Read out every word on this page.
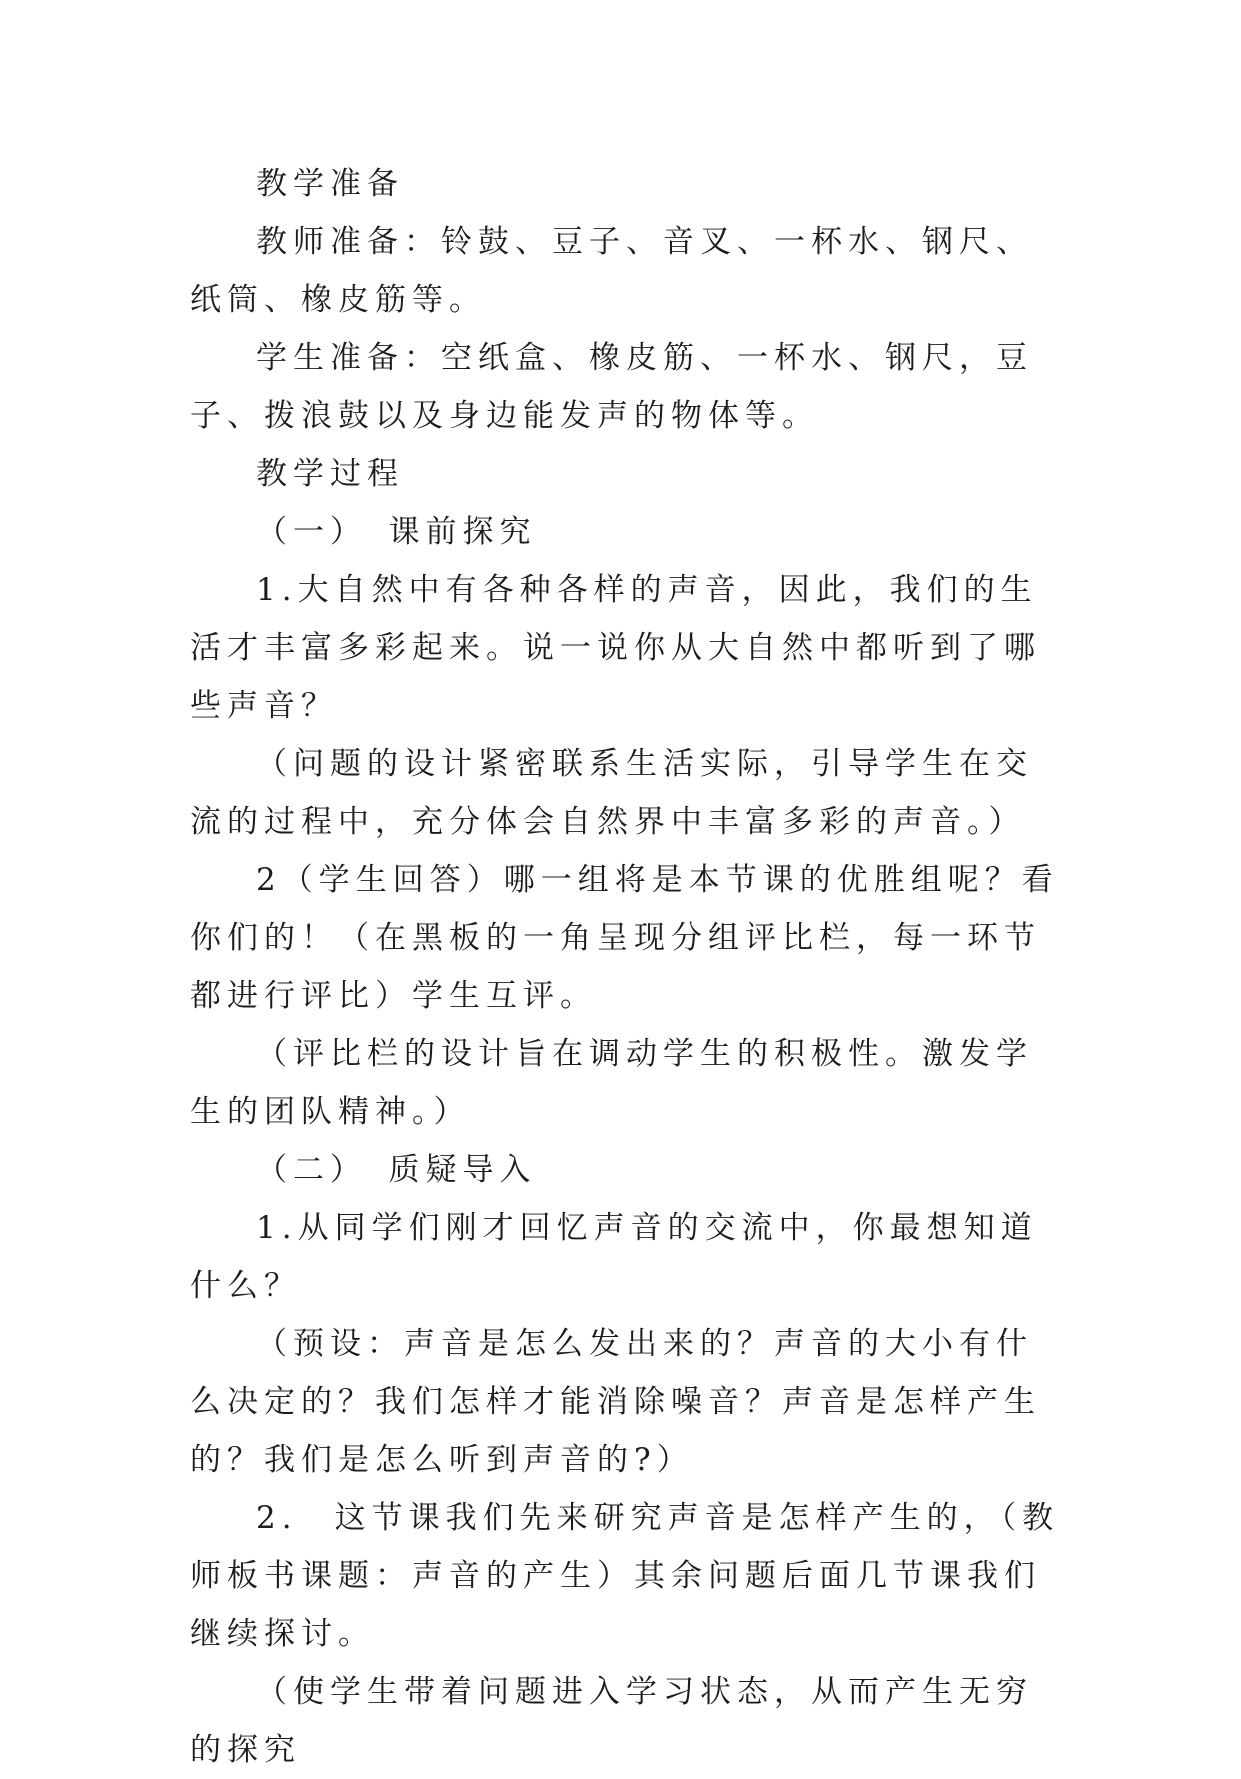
教学准备

教师准备：铃鼓、豆子、音叉、一杯水、钢尺、纸筒、橡皮筋等。

学生准备：空纸盒、橡皮筋、一杯水、钢尺，豆子、拨浪鼓以及身边能发声的物体等。

教学过程

（一）　课前探究

1.大自然中有各种各样的声音，因此，我们的生活才丰富多彩起来。说一说你从大自然中都听到了哪些声音？

（问题的设计紧密联系生活实际，引导学生在交流的过程中，充分体会自然界中丰富多彩的声音。）

2（学生回答）哪一组将是本节课的优胜组呢？看你们的！（在黑板的一角呈现分组评比栏，每一环节都进行评比）学生互评。

（评比栏的设计旨在调动学生的积极性。激发学生的团队精神。）

（二）　质疑导入

1.从同学们刚才回忆声音的交流中，你最想知道什么？

（预设：声音是怎么发出来的？声音的大小有什么决定的？我们怎样才能消除噪音？声音是怎样产生的？我们是怎么听到声音的?）

2.　这节课我们先来研究声音是怎样产生的，（教师板书课题：声音的产生）其余问题后面几节课我们继续探讨。

（使学生带着问题进入学习状态，从而产生无穷的探究
